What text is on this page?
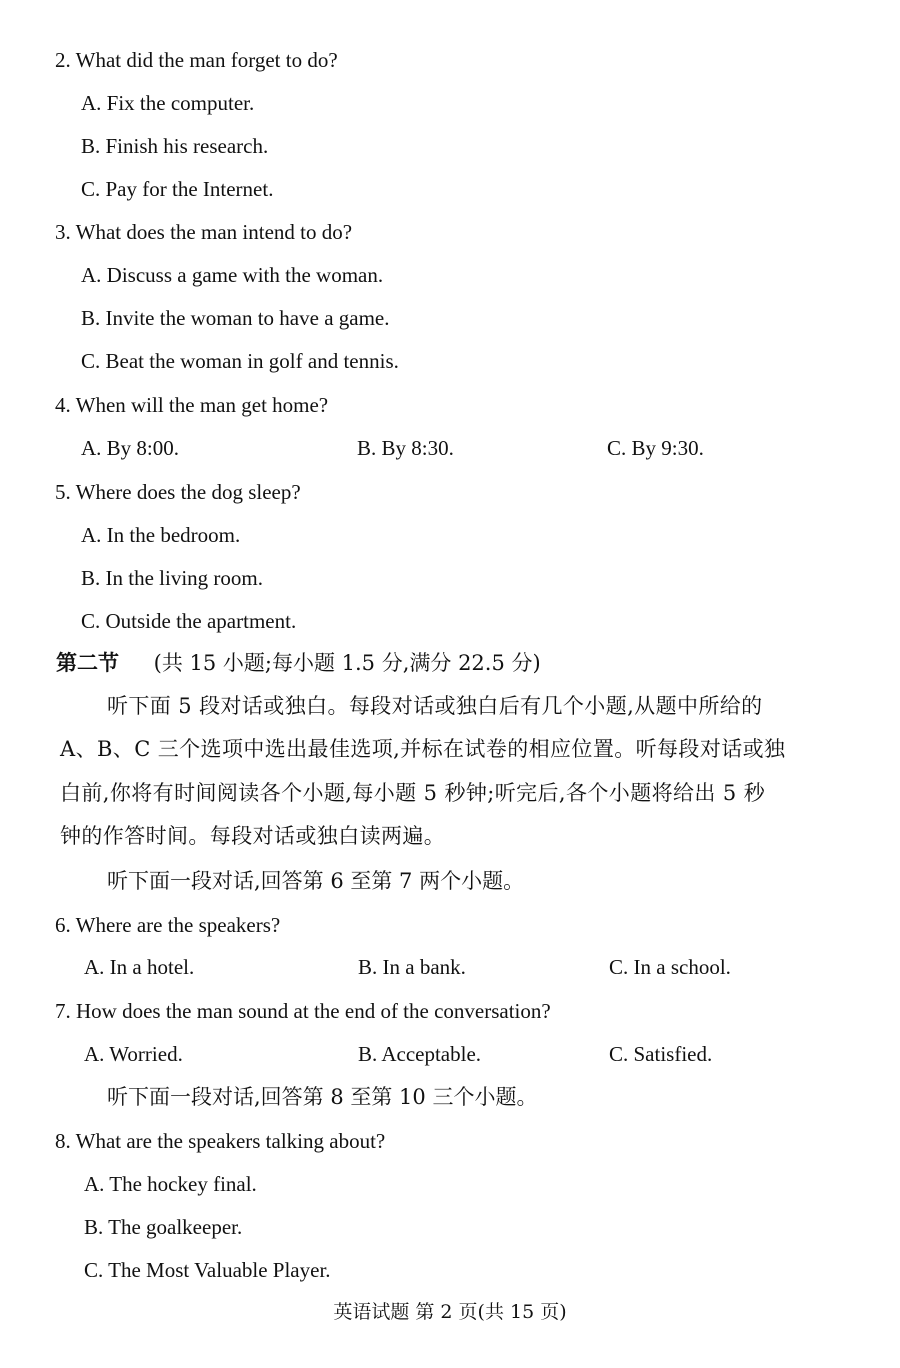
2. What did the man forget to do?
A. Fix the computer.
B. Finish his research.
C. Pay for the Internet.
3. What does the man intend to do?
A. Discuss a game with the woman.
B. Invite the woman to have a game.
C. Beat the woman in golf and tennis.
4. When will the man get home?
A. By 8:00.	B. By 8:30.	C. By 9:30.
5. Where does the dog sleep?
A. In the bedroom.
B. In the living room.
C. Outside the apartment.
第二节 (共 15 小题;每小题 1.5 分,满分 22.5 分)
听下面 5 段对话或独白。每段对话或独白后有几个小题,从题中所给的
A、B、C 三个选项中选出最佳选项,并标在试卷的相应位置。听每段对话或独
白前,你将有时间阅读各个小题,每小题 5 秒钟;听完后,各个小题将给出 5 秒
钟的作答时间。每段对话或独白读两遍。
听下面一段对话,回答第 6 至第 7 两个小题。
6. Where are the speakers?
A. In a hotel.	B. In a bank.	C. In a school.
7. How does the man sound at the end of the conversation?
A. Worried.	B. Acceptable.	C. Satisfied.
听下面一段对话,回答第 8 至第 10 三个小题。
8. What are the speakers talking about?
A. The hockey final.
B. The goalkeeper.
C. The Most Valuable Player.
英语试题 第 2 页(共 15 页)
